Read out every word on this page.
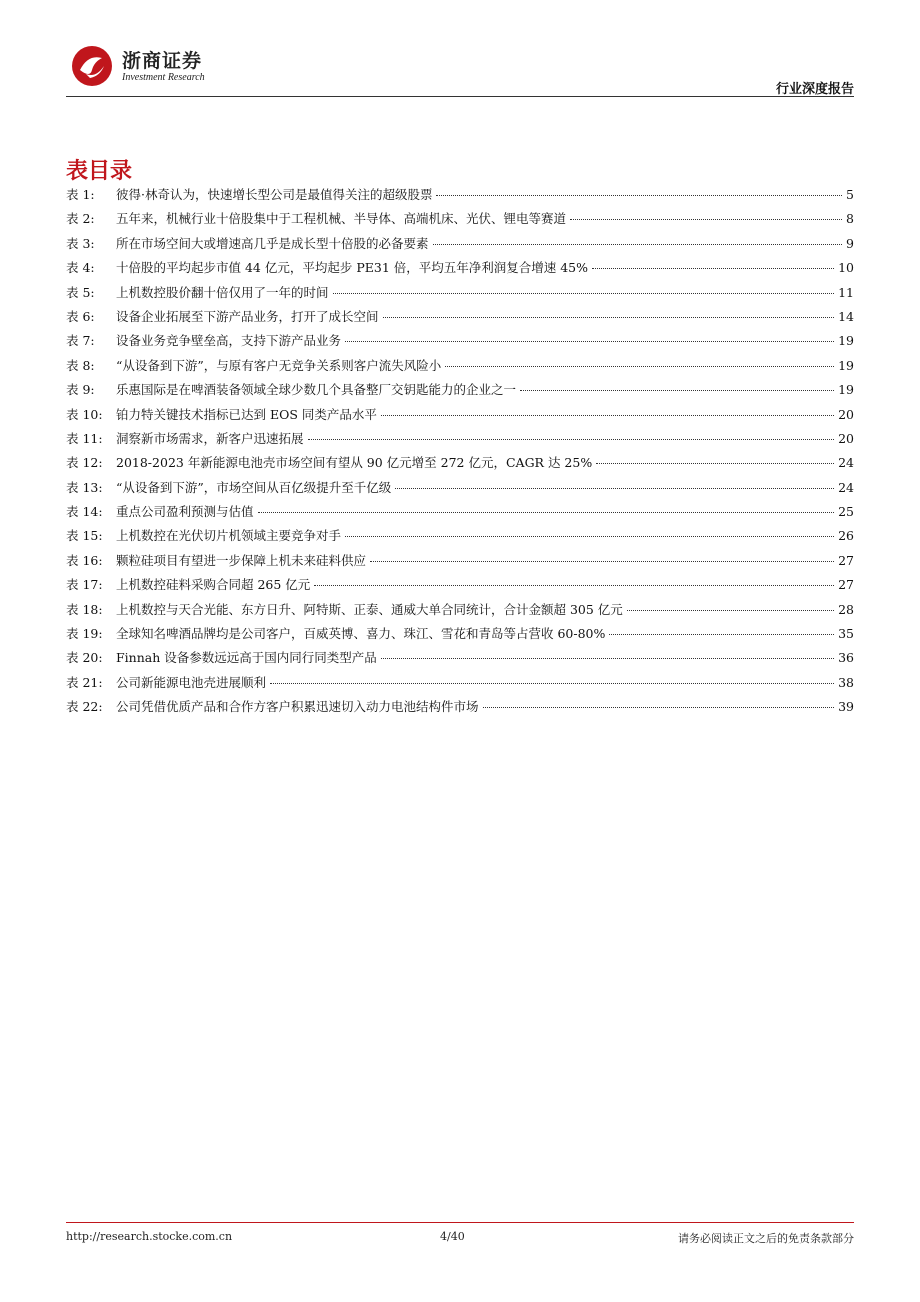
浙商证券
Investment Research
行业深度报告
表目录
表 1:	彼得·林奇认为，快速增长型公司是最值得关注的超级股票	5
表 2:	五年来，机械行业十倍股集中于工程机械、半导体、高端机床、光伏、锂电等赛道	8
表 3:	所在市场空间大或增速高几乎是成长型十倍股的必备要素	9
表 4:	十倍股的平均起步市值 44 亿元，平均起步 PE31 倍，平均五年净利润复合增速 45%	10
表 5:	上机数控股价翻十倍仅用了一年的时间	11
表 6:	设备企业拓展至下游产品业务，打开了成长空间	14
表 7:	设备业务竞争壁垒高，支持下游产品业务	19
表 8:	“从设备到下游”，与原有客户无竞争关系则客户流失风险小	19
表 9:	乐惠国际是在啤酒装备领域全球少数几个具备整厂交钥匙能力的企业之一	19
表 10:	铂力特关键技术指标已达到 EOS 同类产品水平	20
表 11:	洞察新市场需求，新客户迅速拓展	20
表 12:	2018-2023 年新能源电池壳市场空间有望从 90 亿元增至 272 亿元，CAGR 达 25%	24
表 13:	“从设备到下游”，市场空间从百亿级提升至千亿级	24
表 14:	重点公司盈利预测与估值	25
表 15:	上机数控在光伏切片机领域主要竞争对手	26
表 16:	颗粒硅项目有望进一步保障上机未来硅料供应	27
表 17:	上机数控硅料采购合同超 265 亿元	27
表 18:	上机数控与天合光能、东方日升、阿特斯、正泰、通威大单合同统计，合计金额超 305 亿元	28
表 19:	全球知名啤酒品牌均是公司客户，百威英博、喜力、珠江、雪花和青岛等占营收 60-80%	35
表 20:	Finnah 设备参数远远高于国内同行同类型产品	36
表 21:	公司新能源电池壳进展顺利	38
表 22:	公司凭借优质产品和合作方客户积累迅速切入动力电池结构件市场	39
http://research.stocke.com.cn	4/40	请务必阅读正文之后的免责条款部分
